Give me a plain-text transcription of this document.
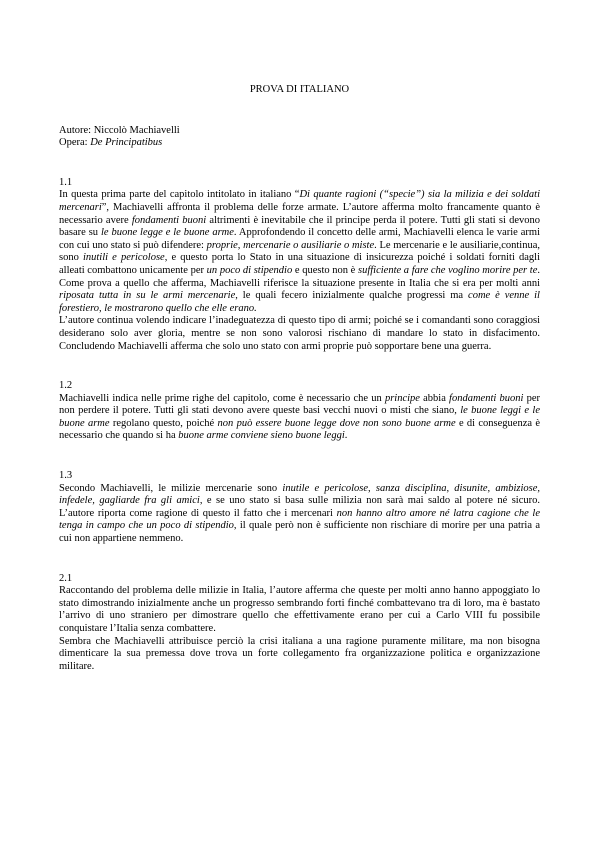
PROVA DI ITALIANO

Autore: Niccolò Machiavelli

Opera: De Principatibus

1.1

In questa prima parte del capitolo intitolato in italiano “Di quante ragioni (“specie”) sia la milizia e dei soldati mercenari”, Machiavelli affronta il problema delle forze armate. L’autore afferma molto francamente quanto è necessario avere fondamenti buoni altrimenti è inevitabile che il principe perda il potere. Tutti gli stati si devono basare su le buone legge e le buone arme. Approfondendo il concetto delle armi, Machiavelli elenca le varie armi con cui uno stato si può difendere: proprie, mercenarie o ausiliarie o miste. Le mercenarie e le ausiliarie,continua, sono inutili e pericolose, e questo porta lo Stato in una situazione di insicurezza poiché i soldati forniti dagli alleati combattono unicamente per un poco di stipendio e questo non è sufficiente a fare che voglino morire per te. Come prova a quello che afferma, Machiavelli riferisce la situazione presente in Italia che si era per molti anni riposata tutta in su le armi mercenarie, le quali fecero inizialmente qualche progressi ma come è venne il forestiero, le mostrarono quello che elle erano.

L’autore continua volendo indicare l’inadeguatezza di questo tipo di armi; poiché se i comandanti sono coraggiosi desiderano solo aver gloria, mentre se non sono valorosi rischiano di mandare lo stato in disfacimento. Concludendo Machiavelli afferma che solo uno stato con armi proprie può sopportare bene una guerra.

1.2

Machiavelli indica nelle prime righe del capitolo, come è necessario che un principe abbia fondamenti buoni per non perdere il potere. Tutti gli stati devono avere queste basi vecchi nuovi o misti che siano, le buone leggi e le buone arme regolano questo, poiché non può essere buone legge dove non sono buone arme e di conseguenza è necessario che quando si ha buone arme conviene sieno buone leggi.

1.3

Secondo Machiavelli, le milizie mercenarie sono inutile e pericolose, sanza disciplina, disunite, ambiziose, infedele, gagliarde fra gli amici, e se uno stato si basa sulle milizia non sarà mai saldo al potere né sicuro. L’autore riporta come ragione di questo il fatto che i mercenari non hanno altro amore né latra cagione che le tenga in campo che un poco di stipendio, il quale però non è sufficiente non rischiare di morire per una patria a cui non appartiene nemmeno.

2.1

Raccontando del problema delle milizie in Italia, l’autore afferma che queste per molti anno hanno appoggiato lo stato dimostrando inizialmente anche un progresso sembrando forti finché combattevano tra di loro, ma è bastato l’arrivo di uno straniero per dimostrare quello che effettivamente erano per cui a Carlo VIII fu possibile conquistare l’Italia senza combattere.

Sembra che Machiavelli attribuisce perciò la crisi italiana a una ragione puramente militare, ma non bisogna dimenticare la sua premessa dove trova un forte collegamento fra organizzazione politica e organizzazione militare.
